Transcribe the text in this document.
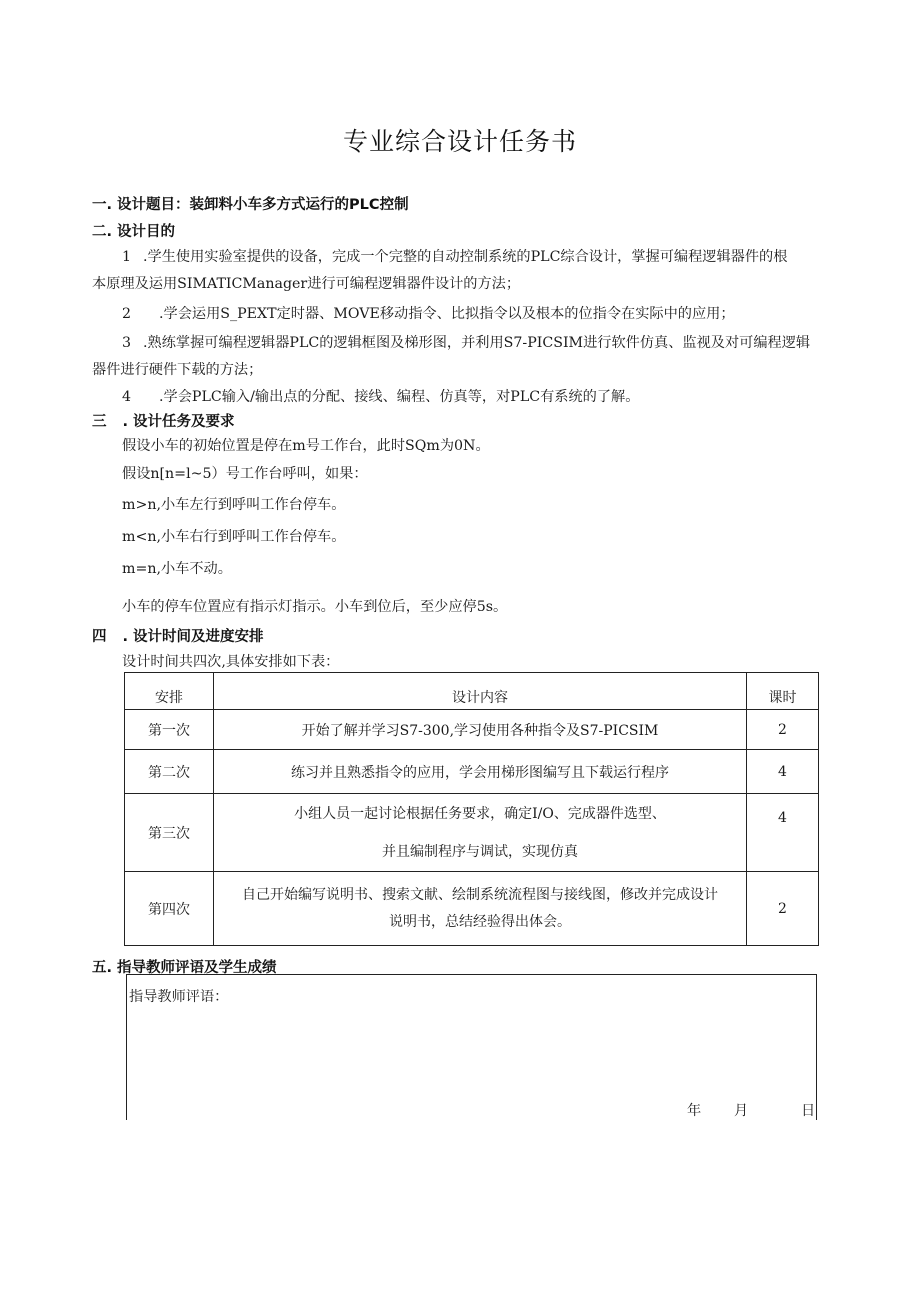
专业综合设计任务书
一. 设计题目：装卸料小车多方式运行的PLC控制
二. 设计目的
1 .学生使用实验室提供的设备，完成一个完整的自动控制系统的PLC综合设计，掌握可编程逻辑器件的根
本原理及运用SIMATICManager进行可编程逻辑器件设计的方法；
2 .学会运用S_PEXT定时器、MOVE移动指令、比拟指令以及根本的位指令在实际中的应用；
3 .熟练掌握可编程逻辑器PLC的逻辑框图及梯形图，并利用S7-PICSIM进行软件仿真、监视及对可编程逻辑
器件进行硬件下载的方法；
4 .学会PLC输入/输出点的分配、接线、编程、仿真等，对PLC有系统的了解。
三 . 设计任务及要求
假设小车的初始位置是停在m号工作台，此时SQm为0N。
假设n[n=l~5）号工作台呼叫，如果：
m>n,小车左行到呼叫工作台停车。
m<n,小车右行到呼叫工作台停车。
m=n,小车不动。
小车的停车位置应有指示灯指示。小车到位后，至少应停5s。
四 . 设计时间及进度安排
设计时间共四次,具体安排如下表：
安排	设计内容	课时
第一次	开始了解并学习S7-300,学习使用各种指令及S7-PICSIM	2
第二次	练习并且熟悉指令的应用，学会用梯形图编写且下载运行程序	4
第三次	小组人员一起讨论根据任务要求，确定I/O、完成器件选型、
并且编制程序与调试，实现仿真	4
第四次	自己开始编写说明书、搜索文献、绘制系统流程图与接线图，修改并完成设计
说明书，总结经验得出体会。	2
五. 指导教师评语及学生成绩
指导教师评语：
年 月	日
